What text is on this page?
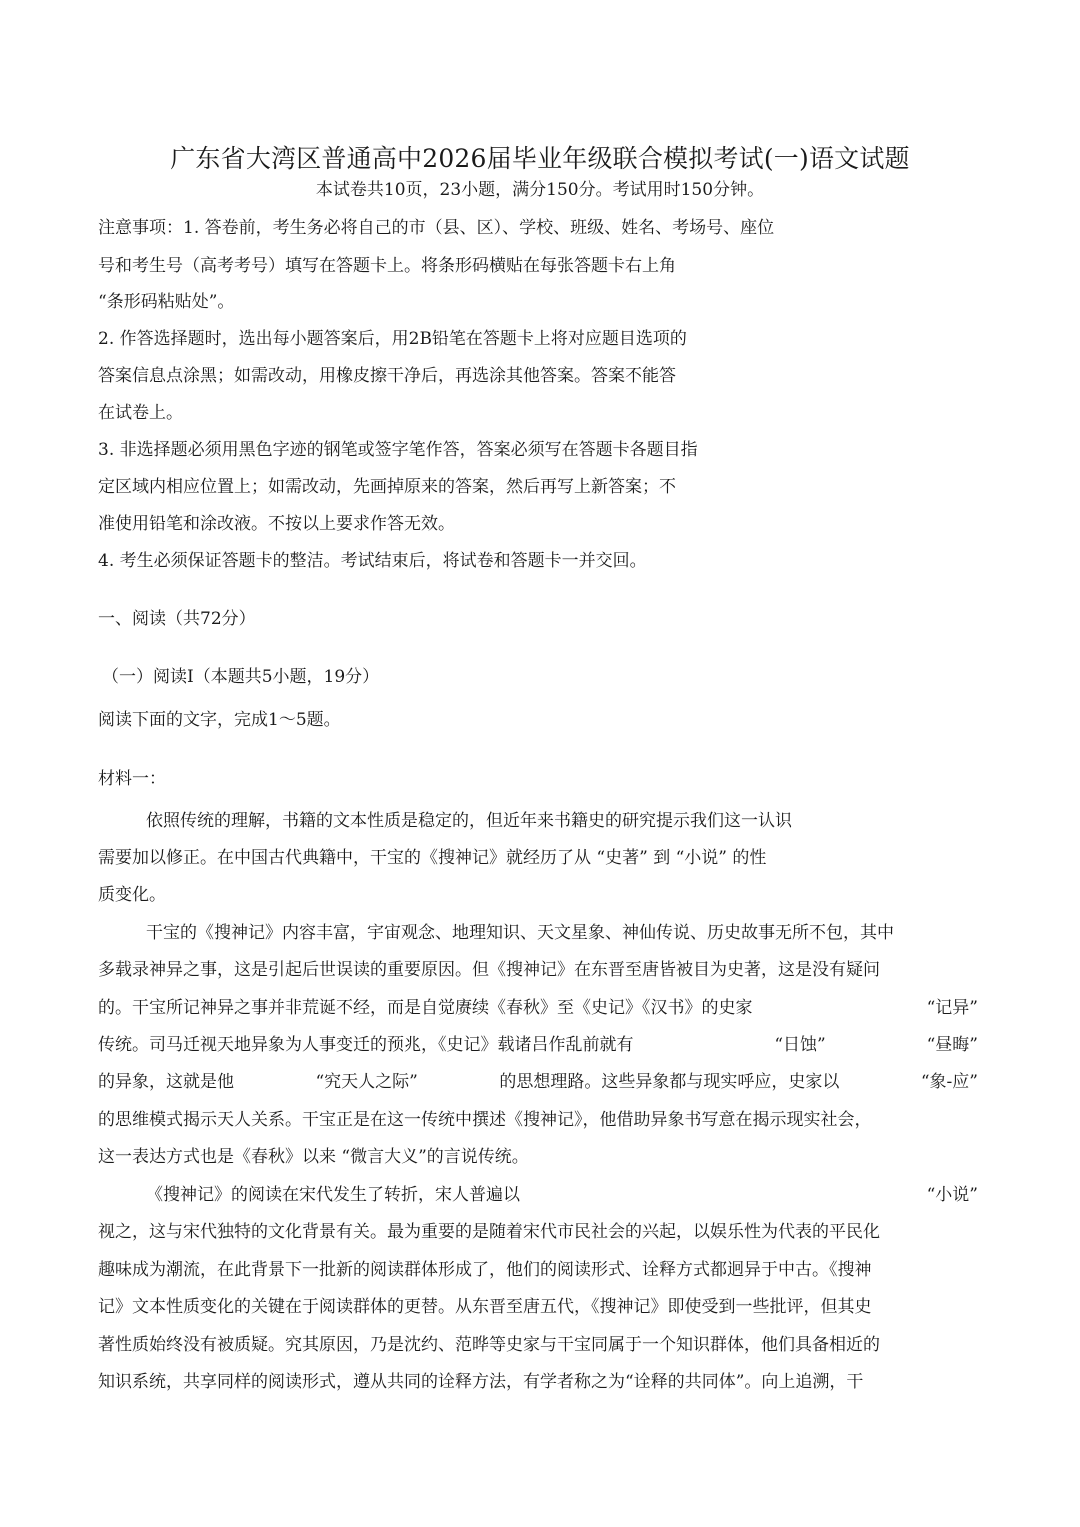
广东省大湾区普通高中2026届毕业年级联合模拟考试(一)语文试题
本试卷共10页，23小题，满分150分。考试用时150分钟。
注意事项：1. 答卷前，考生务必将自己的市（县、区）、学校、班级、姓名、考场号、座位
号和考生号（高考考号）填写在答题卡上。将条形码横贴在每张答题卡右上角
“条形码粘贴处”。
2. 作答选择题时，选出每小题答案后，用2B铅笔在答题卡上将对应题目选项的
答案信息点涂黑；如需改动，用橡皮擦干净后，再选涂其他答案。答案不能答
在试卷上。
3. 非选择题必须用黑色字迹的钢笔或签字笔作答，答案必须写在答题卡各题目指
定区域内相应位置上；如需改动，先画掉原来的答案，然后再写上新答案；不
准使用铅笔和涂改液。不按以上要求作答无效。
4. 考生必须保证答题卡的整洁。考试结束后，将试卷和答题卡一并交回。
一、阅读（共72分）
（一）阅读I（本题共5小题，19分）
阅读下面的文字，完成1～5题。
材料一：
依照传统的理解，书籍的文本性质是稳定的，但近年来书籍史的研究提示我们这一认识
需要加以修正。在中国古代典籍中，干宝的《搜神记》就经历了从 “史著” 到 “小说” 的性
质变化。
干宝的《搜神记》内容丰富，宇宙观念、地理知识、天文星象、神仙传说、历史故事无所不包，其中
多载录神异之事，这是引起后世误读的重要原因。但《搜神记》在东晋至唐皆被目为史著，这是没有疑问
的。干宝所记神异之事并非荒诞不经，而是自觉赓续《春秋》至《史记》《汉书》的史家	“记异”
传统。司马迁视天地异象为人事变迁的预兆，《史记》载诸吕作乱前就有	“日蚀”	“昼晦”
的异象，这就是他	“究天人之际”	的思想理路。这些异象都与现实呼应，史家以	“象-应”
的思维模式揭示天人关系。干宝正是在这一传统中撰述《搜神记》，他借助异象书写意在揭示现实社会，
这一表达方式也是《春秋》以来 “微言大义”的言说传统。
《搜神记》的阅读在宋代发生了转折，宋人普遍以	“小说”
视之，这与宋代独特的文化背景有关。最为重要的是随着宋代市民社会的兴起，以娱乐性为代表的平民化
趣味成为潮流，在此背景下一批新的阅读群体形成了，他们的阅读形式、诠释方式都迥异于中古。《搜神
记》文本性质变化的关键在于阅读群体的更替。从东晋至唐五代，《搜神记》即使受到一些批评，但其史
著性质始终没有被质疑。究其原因，乃是沈约、范晔等史家与干宝同属于一个知识群体，他们具备相近的
知识系统，共享同样的阅读形式，遵从共同的诠释方法，有学者称之为“诠释的共同体”。向上追溯，干
